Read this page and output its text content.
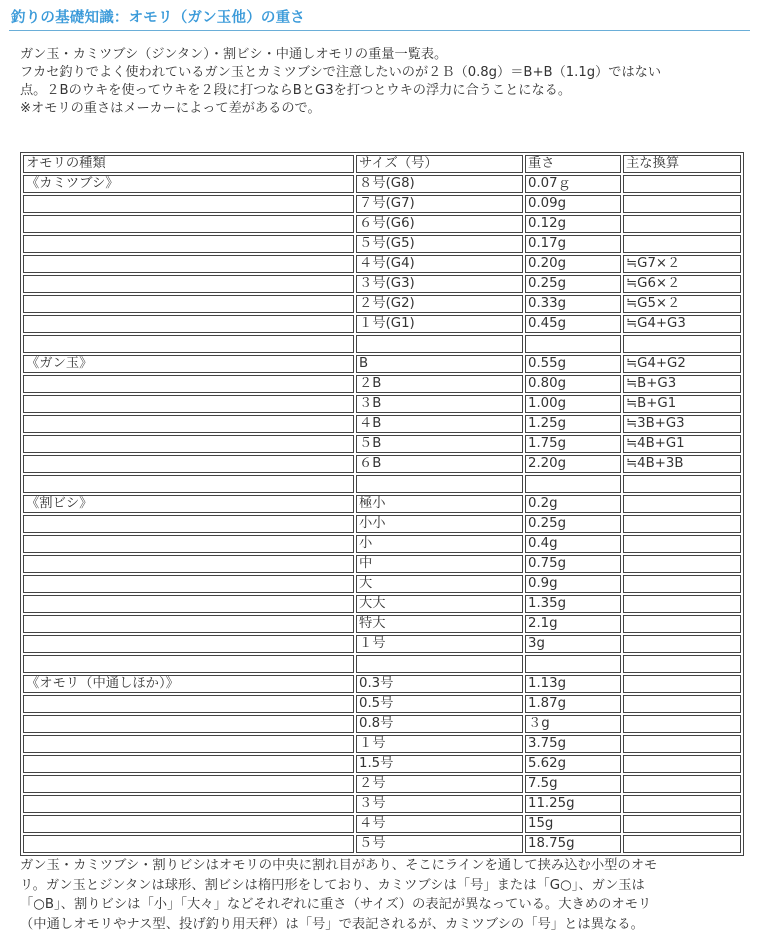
釣りの基礎知識：オモリ（ガン玉他）の重さ
ガン玉・カミツブシ（ジンタン）・割ビシ・中通しオモリの重量一覧表。
フカセ釣りでよく使われているガン玉とカミツブシで注意したいのが２Ｂ（0.8g）＝B+B（1.1g）ではない
点。２Bのウキを使ってウキを２段に打つならBとG3を打つとウキの浮力に合うことになる。
※オモリの重さはメーカーによって差があるので。
オモリの種類	サイズ（号）	重さ	主な換算
《カミツブシ》	８号(G8)	0.07ｇ	
	７号(G7)	0.09g	
	６号(G6)	0.12g	
	５号(G5)	0.17g	
	４号(G4)	0.20g	≒G7×２
	３号(G3)	0.25g	≒G6×２
	２号(G2)	0.33g	≒G5×２
	１号(G1)	0.45g	≒G4+G3

《ガン玉》	B	0.55g	≒G4+G2
	２B	0.80g	≒B+G3
	３B	1.00g	≒B+G1
	４B	1.25g	≒3B+G3
	５B	1.75g	≒4B+G1
	６B	2.20g	≒4B+3B

《割ビシ》	極小	0.2g	
	小小	0.25g	
	小	0.4g	
	中	0.75g	
	大	0.9g	
	大大	1.35g	
	特大	2.1g	
	１号	3g	

《オモリ（中通しほか）》	0.3号	1.13g	
	0.5号	1.87g	
	0.8号	３g	
	１号	3.75g	
	1.5号	5.62g	
	２号	7.5g	
	３号	11.25g	
	４号	15g	
	５号	18.75g	
ガン玉・カミツブシ・割りビシはオモリの中央に割れ目があり、そこにラインを通して挟み込む小型のオモ
リ。ガン玉とジンタンは球形、割ビシは楕円形をしており、カミツブシは「号」または「G○」、ガン玉は
「○B」、割りビシは「小」「大々」などそれぞれに重さ（サイズ）の表記が異なっている。大きめのオモリ
（中通しオモリやナス型、投げ釣り用天秤）は「号」で表記されるが、カミツブシの「号」とは異なる。
